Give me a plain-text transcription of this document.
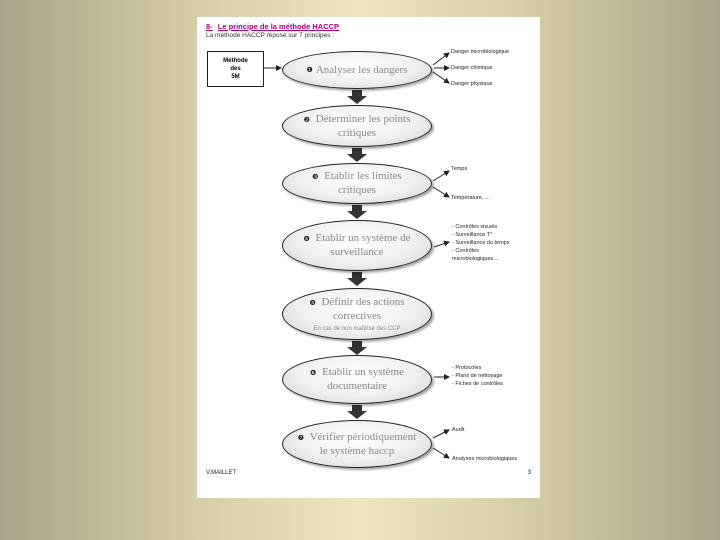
8- Le principe de la méthode HACCP
La méthode HACCP repose sur 7 principes :
Méthode
des
5M
❶ Analyser les dangers
❷ Déterminer les points critiques
❸ Etablir les limites critiques
❹ Etablir un système de surveillance
❺ Définir des actions correctives
En cas de non maîtrise des CCP
❻ Etablir un système documentaire
❼ Vérifier périodiquement le système haccp
Danger microbiologique
Danger chimique
Danger physique
Temps
Température, …
- Contrôles visuels
- Surveillance T°
- Surveillance du temps
- Contrôles
microbiologiques…
- Protocoles
- Plans de nettoyage
- Fiches de contrôles
Audit
Analyses microbiologiques
V.MAILLET	3
